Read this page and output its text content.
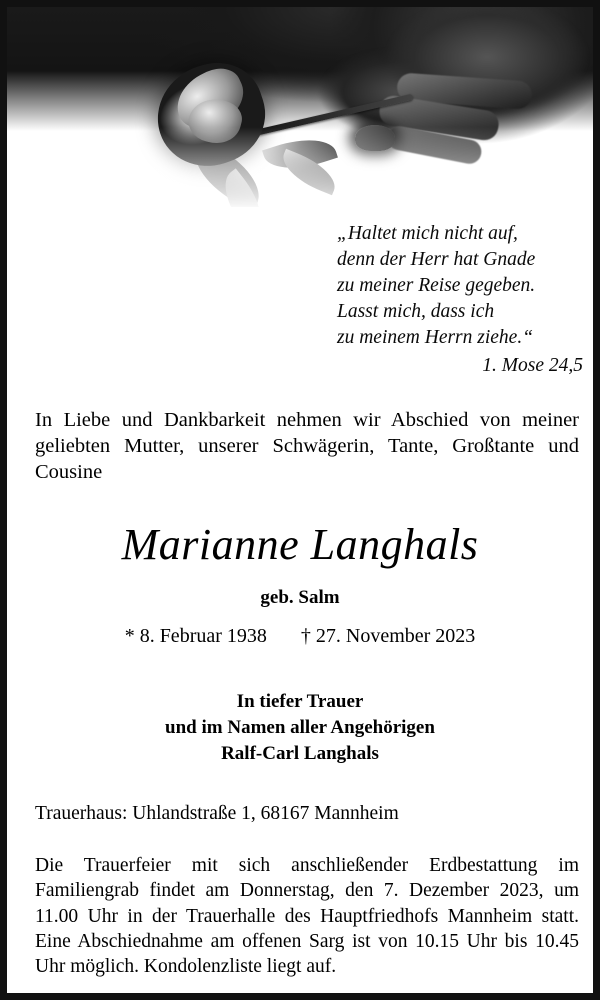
„Haltet mich nicht auf,
denn der Herr hat Gnade
zu meiner Reise gegeben.
Lasst mich, dass ich
zu meinem Herrn ziehe.“
1. Mose 24,5
In Liebe und Dankbarkeit nehmen wir Abschied von meiner geliebten Mutter, unserer Schwägerin, Tante, Großtante und Cousine
Marianne Langhals
geb. Salm
* 8. Februar 1938 † 27. November 2023
In tiefer Trauer
und im Namen aller Angehörigen
Ralf-Carl Langhals
Trauerhaus: Uhlandstraße 1, 68167 Mannheim
Die Trauerfeier mit sich anschließender Erdbestattung im Familiengrab findet am Donnerstag, den 7. Dezember 2023, um 11.00 Uhr in der Trauerhalle des Hauptfriedhofs Mannheim statt. Eine Abschiednahme am offenen Sarg ist von 10.15 Uhr bis 10.45 Uhr möglich. Kondolenzliste liegt auf.
